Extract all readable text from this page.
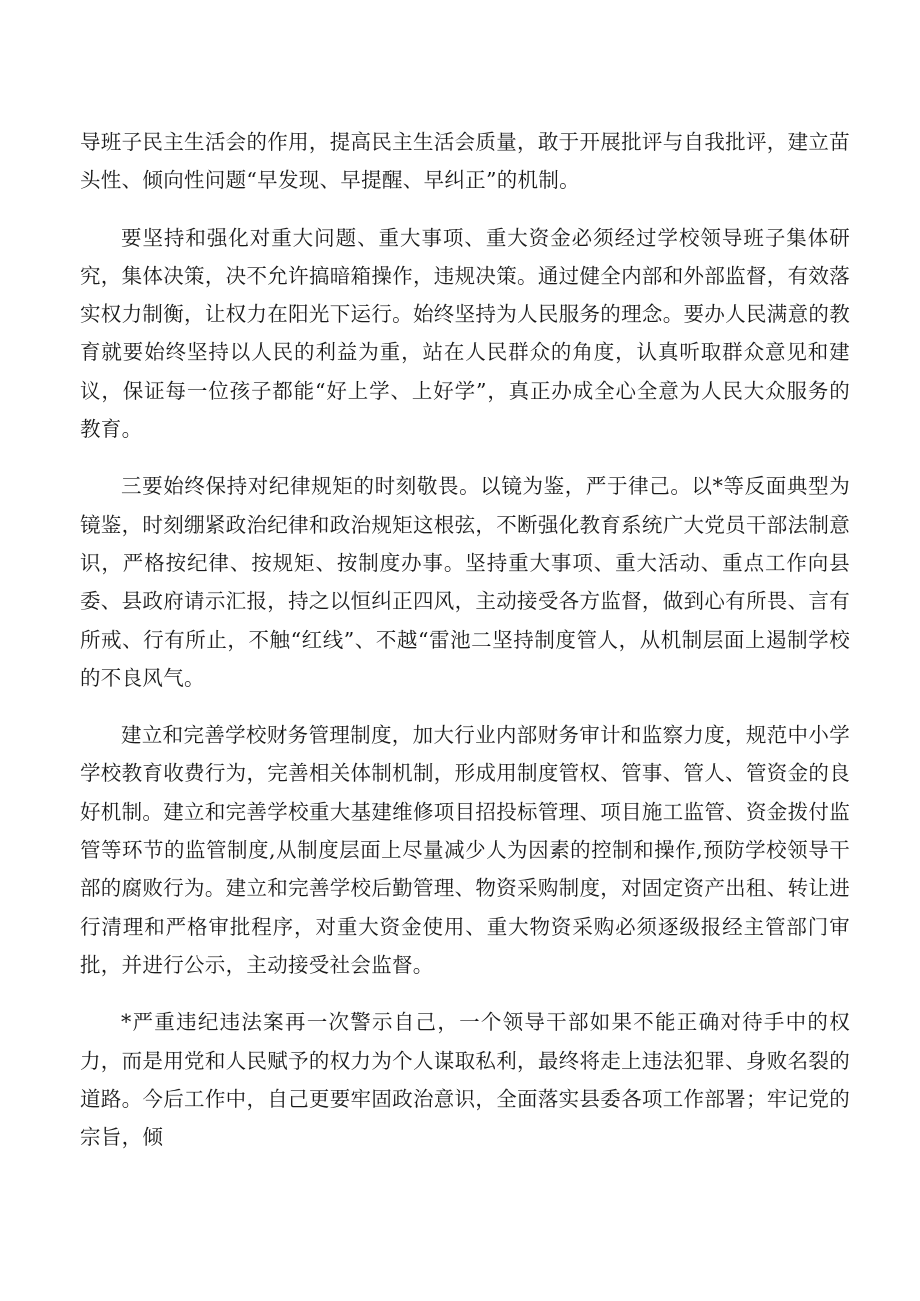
导班子民主生活会的作用，提高民主生活会质量，敢于开展批评与自我批评，建立苗头性、倾向性问题“早发现、早提醒、早纠正”的机制。

要坚持和强化对重大问题、重大事项、重大资金必须经过学校领导班子集体研究，集体决策，决不允许搞暗箱操作，违规决策。通过健全内部和外部监督，有效落实权力制衡，让权力在阳光下运行。始终坚持为人民服务的理念。要办人民满意的教育就要始终坚持以人民的利益为重，站在人民群众的角度，认真听取群众意见和建议，保证每一位孩子都能“好上学、上好学”，真正办成全心全意为人民大众服务的教育。

三要始终保持对纪律规矩的时刻敬畏。以镜为鉴，严于律己。以*等反面典型为镜鉴，时刻绷紧政治纪律和政治规矩这根弦，不断强化教育系统广大党员干部法制意识，严格按纪律、按规矩、按制度办事。坚持重大事项、重大活动、重点工作向县委、县政府请示汇报，持之以恒纠正四风，主动接受各方监督，做到心有所畏、言有所戒、行有所止，不触“红线”、不越“雷池二坚持制度管人，从机制层面上遏制学校的不良风气。

建立和完善学校财务管理制度，加大行业内部财务审计和监察力度，规范中小学学校教育收费行为，完善相关体制机制，形成用制度管权、管事、管人、管资金的良好机制。建立和完善学校重大基建维修项目招投标管理、项目施工监管、资金拨付监管等环节的监管制度,从制度层面上尽量减少人为因素的控制和操作,预防学校领导干部的腐败行为。建立和完善学校后勤管理、物资采购制度，对固定资产出租、转让进行清理和严格审批程序，对重大资金使用、重大物资采购必须逐级报经主管部门审批，并进行公示，主动接受社会监督。

*严重违纪违法案再一次警示自己，一个领导干部如果不能正确对待手中的权力，而是用党和人民赋予的权力为个人谋取私利，最终将走上违法犯罪、身败名裂的道路。今后工作中，自己更要牢固政治意识，全面落实县委各项工作部署；牢记党的宗旨，倾
